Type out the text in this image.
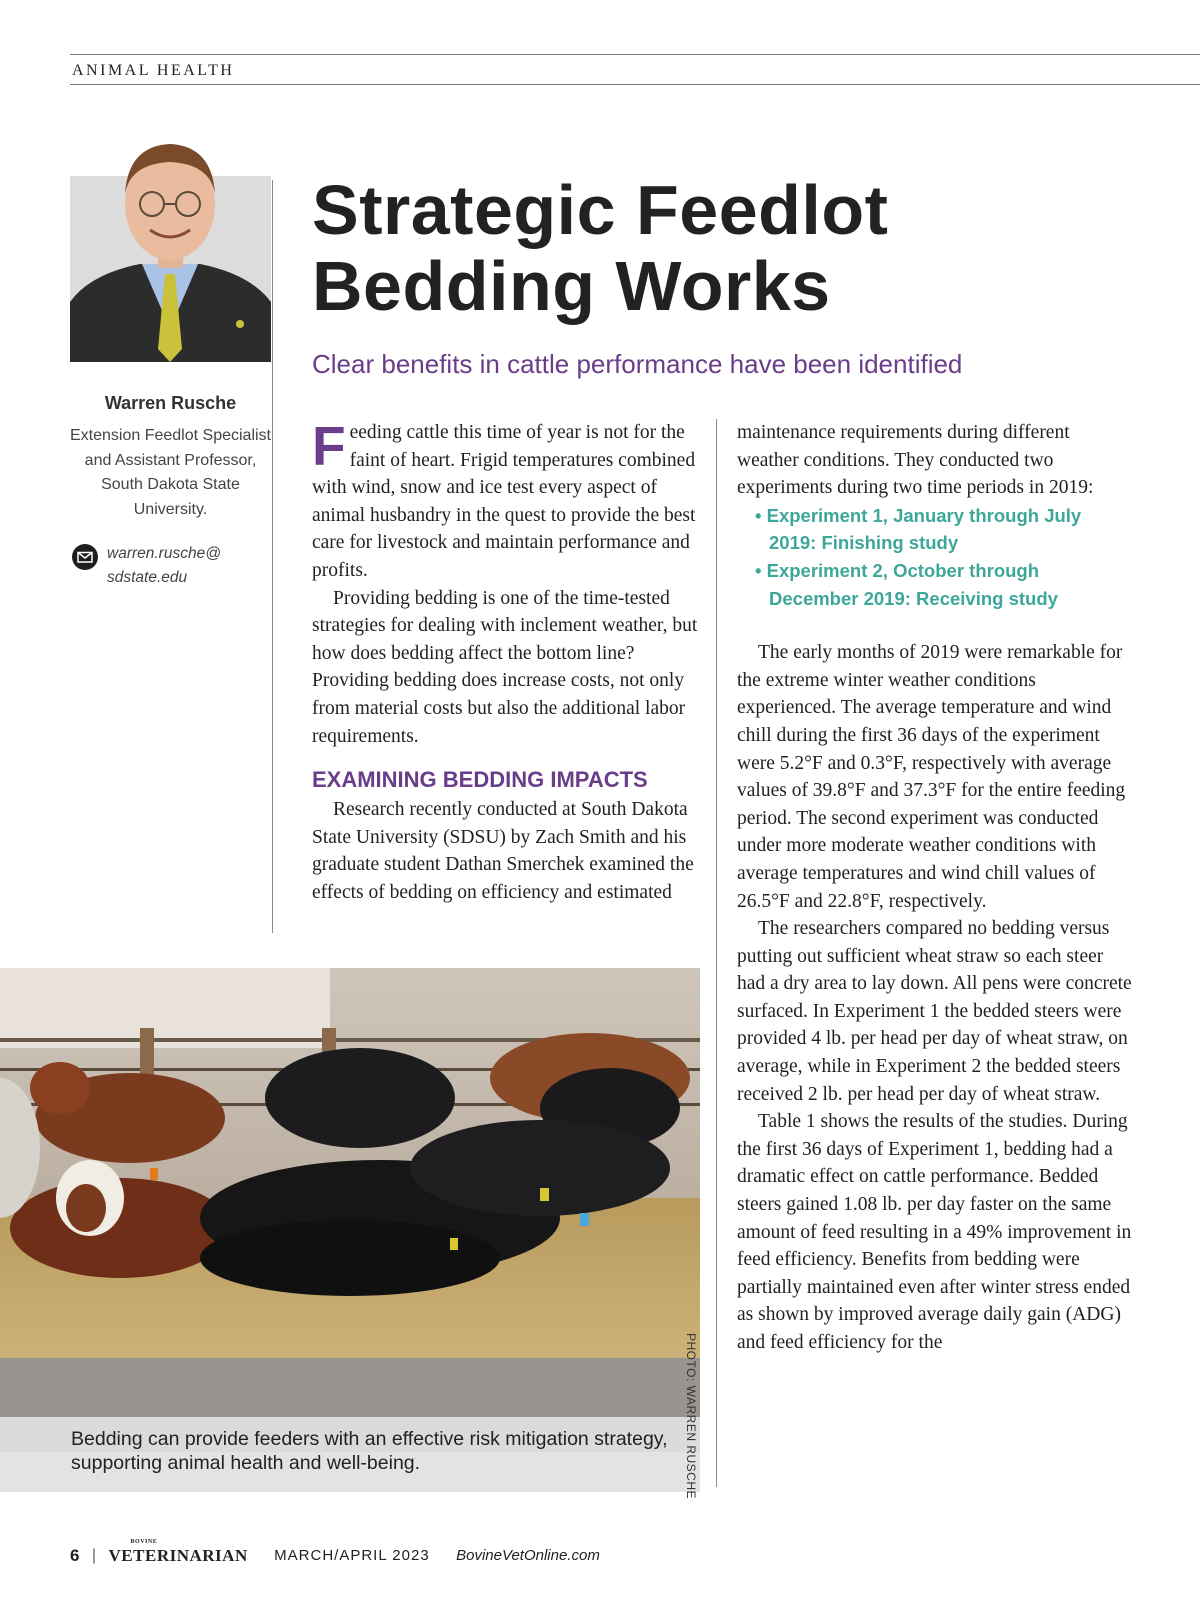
ANIMAL HEALTH
Warren Rusche
Extension Feedlot Specialist and Assistant Professor, South Dakota State University.
warren.rusche@
sdstate.edu
Strategic Feedlot
Bedding Works
Clear benefits in cattle performance have been identified

Feeding cattle this time of year is not for the faint of heart. Frigid temperatures combined with wind, snow and ice test every aspect of animal husbandry in the quest to provide the best care for livestock and maintain performance and profits.

Providing bedding is one of the time-tested strategies for dealing with inclement weather, but how does bedding affect the bottom line? Providing bedding does increase costs, not only from material costs but also the additional labor requirements.

EXAMINING BEDDING IMPACTS

Research recently conducted at South Dakota State University (SDSU) by Zach Smith and his graduate student Dathan Smerchek examined the effects of bedding on efficiency and estimated

maintenance requirements during different weather conditions. They conducted two experiments during two time periods in 2019:

• Experiment 1, January through July 2019: Finishing study
• Experiment 2, October through December 2019: Receiving study

The early months of 2019 were remarkable for the extreme winter weather conditions experienced. The average temperature and wind chill during the first 36 days of the experiment were 5.2°F and 0.3°F, respectively with average values of 39.8°F and 37.3°F for the entire feeding period. The second experiment was conducted under more moderate weather conditions with average temperatures and wind chill values of 26.5°F and 22.8°F, respectively.

The researchers compared no bedding versus putting out sufficient wheat straw so each steer had a dry area to lay down. All pens were concrete surfaced. In Experiment 1 the bedded steers were provided 4 lb. per head per day of wheat straw, on average, while in Experiment 2 the bedded steers received 2 lb. per head per day of wheat straw.

Table 1 shows the results of the studies. During the first 36 days of Experiment 1, bedding had a dramatic effect on cattle performance. Bedded steers gained 1.08 lb. per day faster on the same amount of feed resulting in a 49% improvement in feed efficiency. Benefits from bedding were partially maintained even after winter stress ended as shown by improved average daily gain (ADG) and feed efficiency for the

Bedding can provide feeders with an effective risk mitigation strategy, supporting animal health and well-being.	PHOTO: WARREN RUSCHE
6 |
BOVINE
VETERINARIAN MARCH/APRIL 2023 BovineVetOnline.com
